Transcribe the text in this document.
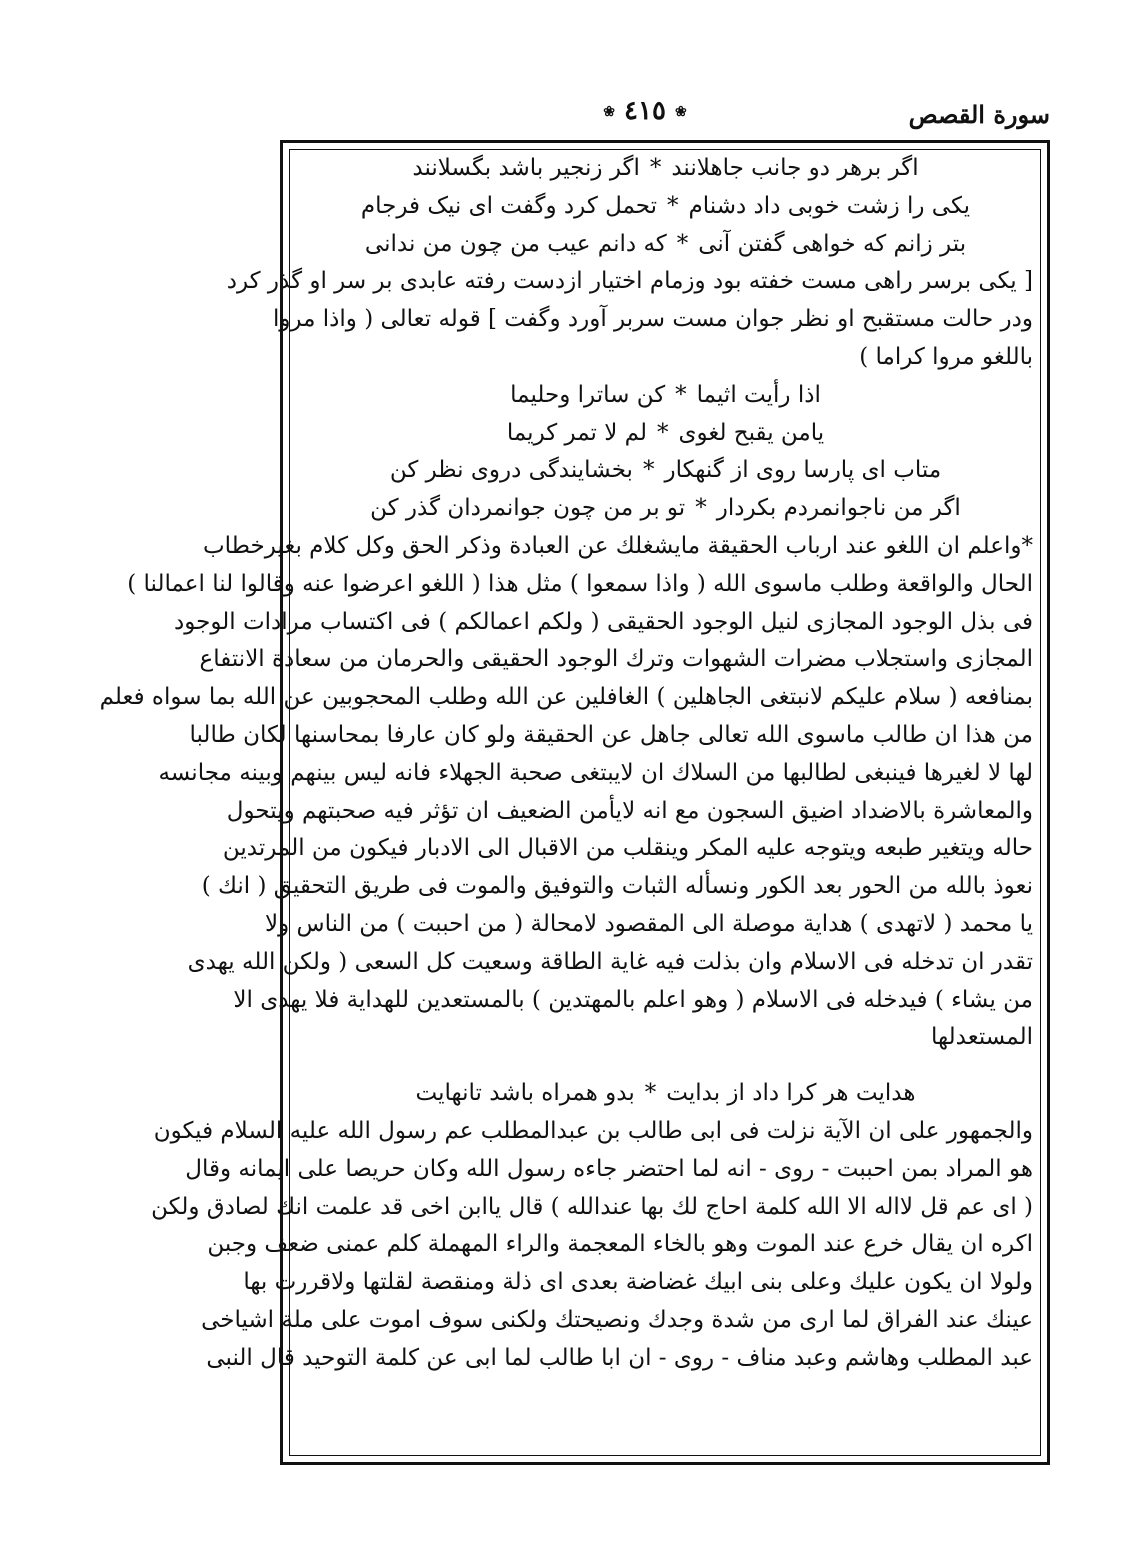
❀ ٤١٥ ❀	سورة القصص
اگر برهر دو جانب جاهلانند*اگر زنجیر باشد بگسلانند
یکی را زشت خوبی داد دشنام*تحمل کرد وگفت ای نیک فرجام
بتر زانم که خواهی گفتن آنی*که دانم عیب من چون من ندانی
[ یکی برسر راهی مست خفته بود وزمام اختیار ازدست رفته عابدی بر سر او گذر کرد
ودر حالت مستقبح او نظر جوان مست سربر آورد وگفت ] قوله تعالی ( واذا مروا
باللغو مروا کراما )
اذا رأیت اثیما*کن ساترا وحلیما
یامن یقبح لغوی*لم لا تمر کریما
متاب ای پارسا روی از گنهکار*بخشایندگی دروی نظر کن
اگر من ناجوانمردم بکردار*تو بر من چون جوانمردان گذر کن
*واعلم ان اللغو عند ارباب الحقیقة مایشغلك عن العبادة وذکر الحق وکل کلام بغیرخطاب
الحال والواقعة وطلب ماسوی الله ( واذا سمعوا ) مثل هذا ( اللغو اعرضوا عنه وقالوا لنا اعمالنا )
فی بذل الوجود المجازی لنیل الوجود الحقیقی ( ولکم اعمالکم ) فی اکتساب مرادات الوجود
المجازی واستجلاب مضرات الشهوات وترك الوجود الحقیقی والحرمان من سعادة الانتفاع
بمنافعه ( سلام علیکم لانبتغی الجاهلین ) الغافلین عن الله وطلب المحجوبین عن الله بما سواه فعلم
من هذا ان طالب ماسوی الله تعالی جاهل عن الحقیقة ولو کان عارفا بمحاسنها لکان طالبا
لها لا لغیرها فینبغی لطالبها من السلاك ان لایبتغی صحبة الجهلاء فانه لیس بینهم وبینه مجانسه
والمعاشرة بالاضداد اضیق السجون مع انه لایأمن الضعیف ان تؤثر فیه صحبتهم ویتحول
حاله ویتغیر طبعه ویتوجه علیه المکر وینقلب من الاقبال الی الادبار فیکون من المرتدین
نعوذ بالله من الحور بعد الکور ونسأله الثبات والتوفیق والموت فی طریق التحقیق ( انك )
یا محمد ( لاتهدی ) هدایة موصلة الی المقصود لامحالة ( من احببت ) من الناس ولا
تقدر ان تدخله فی الاسلام وان بذلت فیه غایة الطاقة وسعیت کل السعی ( ولکن الله یهدی
من یشاء ) فیدخله فی الاسلام ( وهو اعلم بالمهتدین ) بالمستعدین للهدایة فلا یهدی الا
المستعدلها
هدایت هر کرا داد از بدایت*بدو همراه باشد تانهایت
والجمهور علی ان الآیة نزلت فی ابی طالب بن عبدالمطلب عم رسول الله علیه السلام فیکون
هو المراد بمن احببت - روی - انه لما احتضر جاءه رسول الله وکان حریصا علی ایمانه وقال
( ای عم قل لااله الا الله کلمة احاج لك بها عندالله ) قال یاابن اخی قد علمت انك لصادق ولکن
اکره ان یقال خرع عند الموت وهو بالخاء المعجمة والراء المهملة کلم عمنی ضعف وجبن
ولولا ان یکون علیك وعلی بنی ابیك غضاضة بعدی ای ذلة ومنقصة لقلتها ولاقررت بها
عینك عند الفراق لما اری من شدة وجدك ونصیحتك ولکنی سوف اموت علی ملة اشیاخی
عبد المطلب وهاشم وعبد مناف - روی - ان ابا طالب لما ابی عن کلمة التوحید قال النبی
